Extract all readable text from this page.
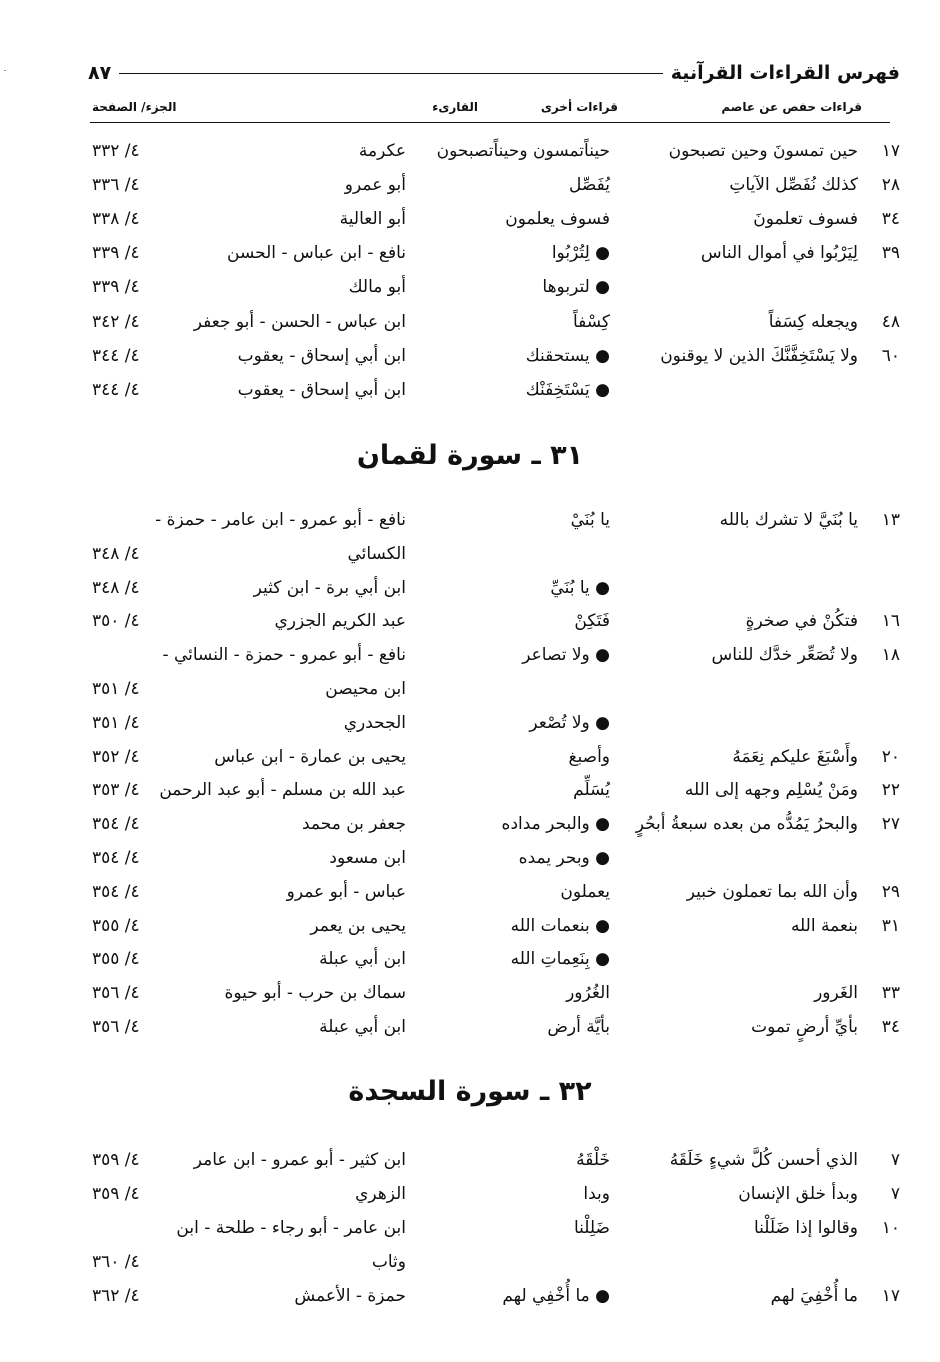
فهرس القراءات القرآنية
٨٧
قراءات حفص عن عاصم
قراءات أخرى
القارىء
الجزء/ الصفحة
١٧
حين تمسونَ وحين تصبحون
حيناًتمسون وحيناًتصبحون
عكرمة
٤/ ٣٣٢
٢٨
كذلك نُفَصِّل الآياتِ
يُفَصِّل
أبو عمرو
٤/ ٣٣٦
٣٤
فسوف تعلمونَ
فسوف يعلمون
أبو العالية
٤/ ٣٣٨
٣٩
لِيَرْبُوا في أموال الناس
● لِتُرْبُوا
نافع - ابن عباس - الحسن
٤/ ٣٣٩
● لتربوها
أبو مالك
٤/ ٣٣٩
٤٨
ويجعله كِسَفاً
كِسْفاً
ابن عباس - الحسن - أبو جعفر
٤/ ٣٤٢
٦٠
ولا يَسْتَخِفَّنَّكَ الذين لا يوقنون
● يستحقنك
ابن أبي إسحاق - يعقوب
٤/ ٣٤٤
● يَسْتَخِفَنْك
ابن أبي إسحاق - يعقوب
٤/ ٣٤٤
٣١ ـ سورة لقمان
١٣
يا بُنَيَّ لا تشرك بالله
يا بُنَيْ
نافع - أبو عمرو - ابن عامر - حمزة -
الكسائي
٤/ ٣٤٨
● يا بُنَيِّ
ابن أبي برة - ابن كثير
٤/ ٣٤٨
١٦
فتكُنْ في صخرةٍ
فَتَكِنْ
عبد الكريم الجزري
٤/ ٣٥٠
١٨
ولا تُصَعِّر خدَّك للناس
● ولا تصاعر
نافع - أبو عمرو - حمزة - النسائي -
ابن محيصن
٤/ ٣٥١
● ولا تُصْعر
الجحدري
٤/ ٣٥١
٢٠
وأَسْبَغَ عليكم نِعَمَهُ
وأصبغ
يحيى بن عمارة - ابن عباس
٤/ ٣٥٢
٢٢
ومَنْ يُسْلِم وجهه إلى الله
يُسَلِّم
عبد الله بن مسلم - أبو عبد الرحمن
٤/ ٣٥٣
٢٧
والبحرُ يَمُدُّه من بعده سبعةُ أبحُرٍ
● والبحر مداده
جعفر بن محمد
٤/ ٣٥٤
● وبحر يمده
ابن مسعود
٤/ ٣٥٤
٢٩
وأن الله بما تعملون خبير
يعملون
عباس - أبو عمرو
٤/ ٣٥٤
٣١
بنعمة الله
● بنعمات الله
يحيى بن يعمر
٤/ ٣٥٥
● بِنَعِماتِ الله
ابن أبي عبلة
٤/ ٣٥٥
٣٣
الغَرور
الغُرُور
سماك بن حرب - أبو حيوة
٤/ ٣٥٦
٣٤
بأيِّ أرضٍ تموت
بأيَّة أرض
ابن أبي عبلة
٤/ ٣٥٦
٣٢ ـ سورة السجدة
٧
الذي أحسن كُلَّ شيءٍ خَلَقَهُ
خَلْقَهُ
ابن كثير - أبو عمرو - ابن عامر
٤/ ٣٥٩
٧
وبدأ خلق الإنسان
وبدا
الزهري
٤/ ٣٥٩
١٠
وقالوا إذا ضَلَلْنا
ضَلِلْنا
ابن عامر - أبو رجاء - طلحة - ابن
وثاب
٤/ ٣٦٠
١٧
ما أُخْفِيَ لهم
● ما أُخْفِي لهم
حمزة - الأعمش
٤/ ٣٦٢
